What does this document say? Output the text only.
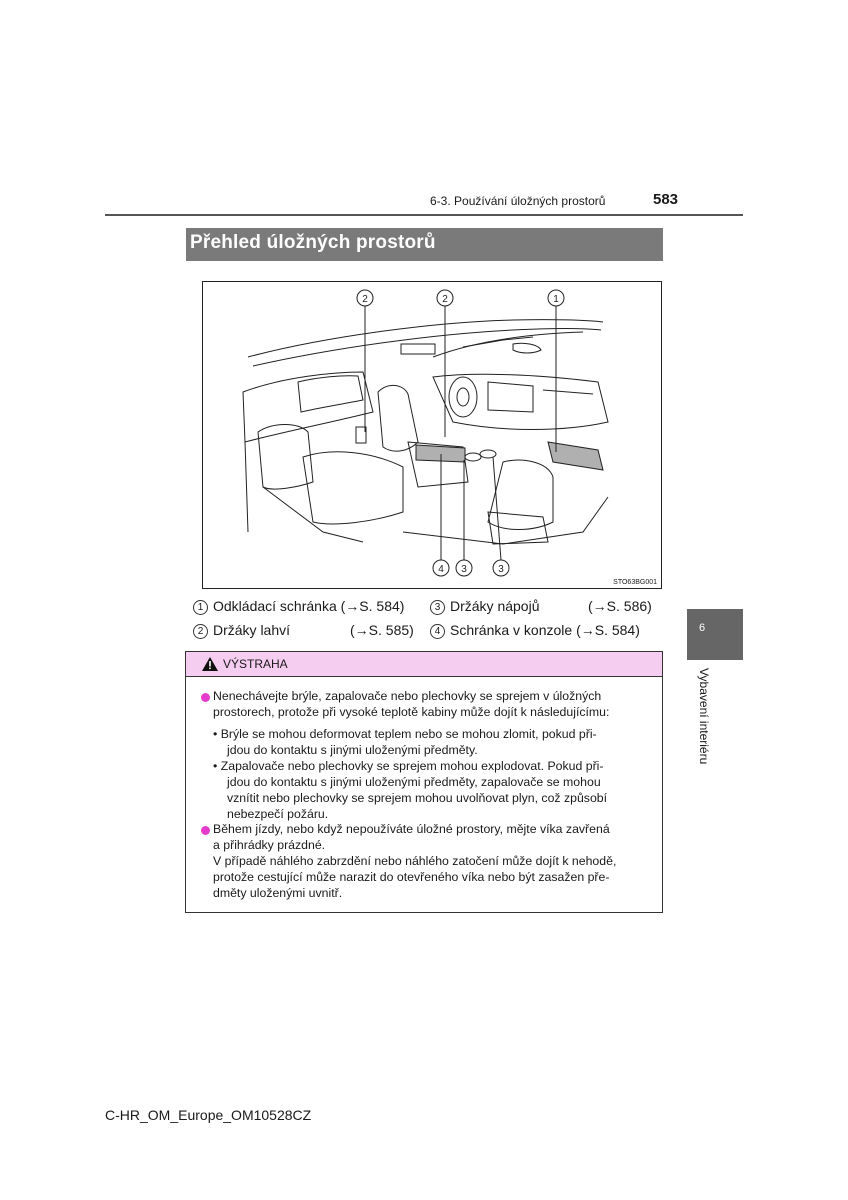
6-3. Používání úložných prostorů	583
Přehled úložných prostorů
2	2	1
4 3	3
STO63BG001
1 Odkládací schránka (→S. 584)	3 Držáky nápojů	(→S. 586)
2 Držáky lahví	(→S. 585)	4 Schránka v konzole (→S. 584)
VÝSTRAHA
Nenechávejte brýle, zapalovače nebo plechovky se sprejem v úložných
prostorech, protože při vysoké teplotě kabiny může dojít k následujícímu:
• Brýle se mohou deformovat teplem nebo se mohou zlomit, pokud při-
jdou do kontaktu s jinými uloženými předměty.
• Zapalovače nebo plechovky se sprejem mohou explodovat. Pokud při-
jdou do kontaktu s jinými uloženými předměty, zapalovače se mohou
vznítit nebo plechovky se sprejem mohou uvolňovat plyn, což způsobí
nebezpečí požáru.
Během jízdy, nebo když nepoužíváte úložné prostory, mějte víka zavřená
a přihrádky prázdné.
V případě náhlého zabrzdění nebo náhlého zatočení může dojít k nehodě,
protože cestující může narazit do otevřeného víka nebo být zasažen pře-
dměty uloženými uvnitř.
6
Vybavení interiéru
C-HR_OM_Europe_OM10528CZ
